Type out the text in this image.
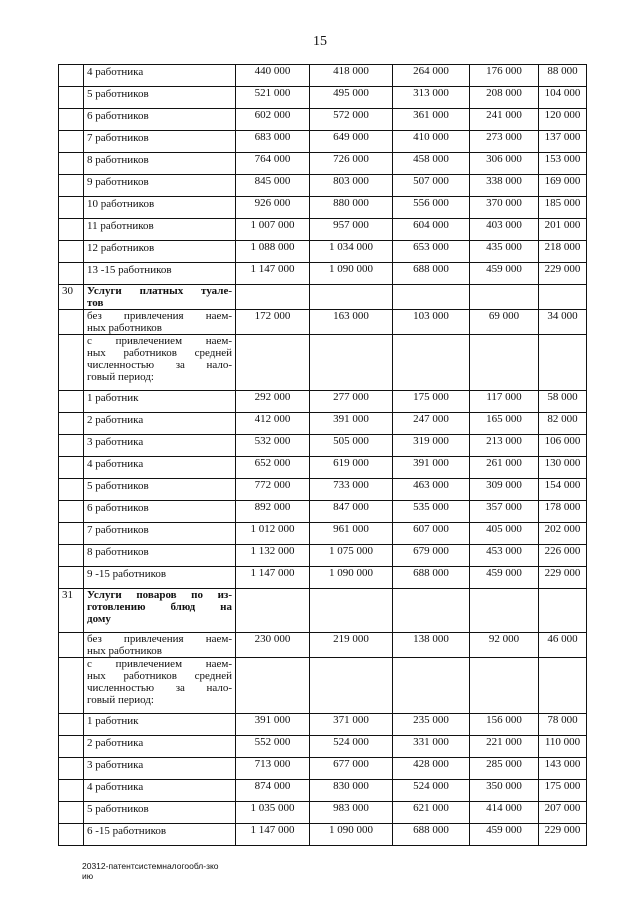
15
	4 работника	440 000	418 000	264 000	176 000	88 000
	5 работников	521 000	495 000	313 000	208 000	104 000
	6 работников	602 000	572 000	361 000	241 000	120 000
	7 работников	683 000	649 000	410 000	273 000	137 000
	8 работников	764 000	726 000	458 000	306 000	153 000
	9 работников	845 000	803 000	507 000	338 000	169 000
	10 работников	926 000	880 000	556 000	370 000	185 000
	11 работников	1 007 000	957 000	604 000	403 000	201 000
	12 работников	1 088 000	1 034 000	653 000	435 000	218 000
	13 -15 работников	1 147 000	1 090 000	688 000	459 000	229 000
30	Услуги платных туале-
тов					

	без привлечения наем-
ных работников	172 000	163 000	103 000	69 000	34 000

	с привлечением наем-
ных работников средней
численностью за нало-
говый период:					

	1 работник	292 000	277 000	175 000	117 000	58 000
	2 работника	412 000	391 000	247 000	165 000	82 000
	3 работника	532 000	505 000	319 000	213 000	106 000
	4 работника	652 000	619 000	391 000	261 000	130 000
	5 работников	772 000	733 000	463 000	309 000	154 000
	6 работников	892 000	847 000	535 000	357 000	178 000
	7 работников	1 012 000	961 000	607 000	405 000	202 000
	8 работников	1 132 000	1 075 000	679 000	453 000	226 000
	9 -15 работников	1 147 000	1 090 000	688 000	459 000	229 000
31	Услуги поваров по из-
готовлению блюд на
дому					

	без привлечения наем-
ных работников	230 000	219 000	138 000	92 000	46 000

	с привлечением наем-
ных работников средней
численностью за нало-
говый период:					

	1 работник	391 000	371 000	235 000	156 000	78 000
	2 работника	552 000	524 000	331 000	221 000	110 000
	3 работника	713 000	677 000	428 000	285 000	143 000
	4 работника	874 000	830 000	524 000	350 000	175 000
	5 работников	1 035 000	983 000	621 000	414 000	207 000
	6 -15 работников	1 147 000	1 090 000	688 000	459 000	229 000
20312-патентсистемналогообл-зко
ию
